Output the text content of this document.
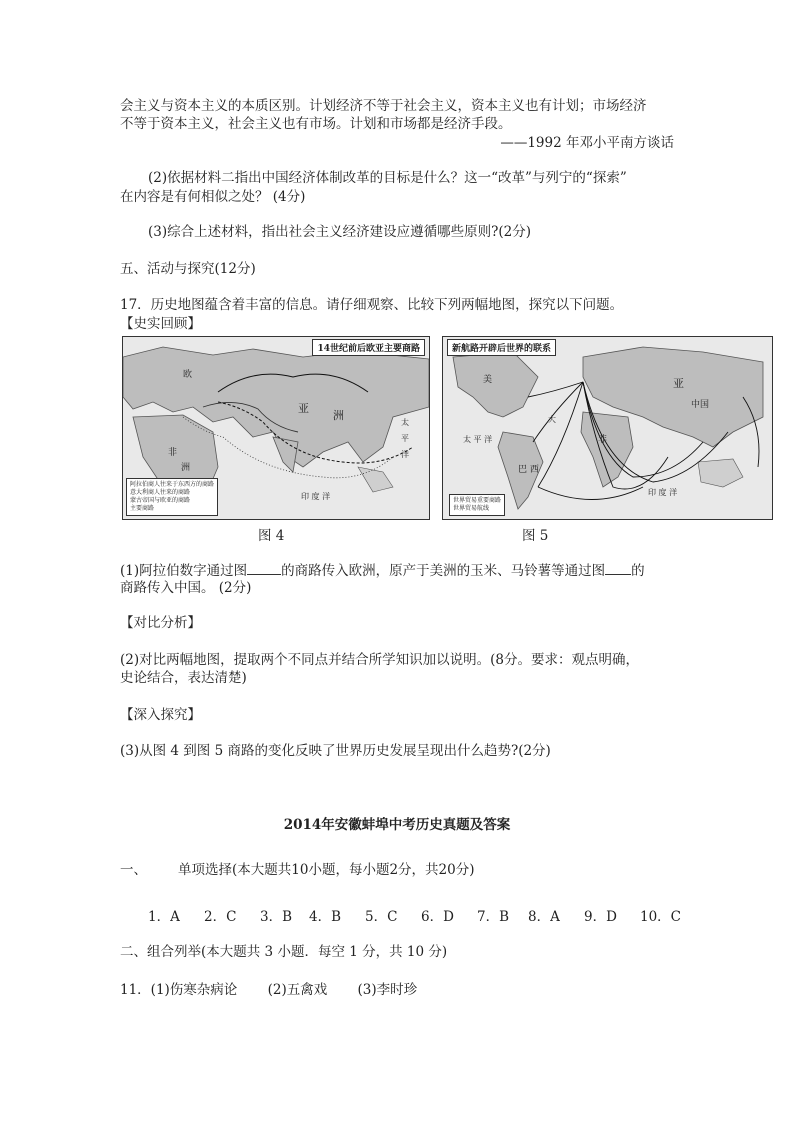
会主义与资本主义的本质区别。计划经济不等于社会主义，资本主义也有计划；市场经济
不等于资本主义，社会主义也有市场。计划和市场都是经济手段。
——1992 年邓小平南方谈话
(2)依据材料二指出中国经济体制改革的目标是什么？这一“改革”与列宁的“探索”
在内容是有何相似之处？ (4分)
(3)综合上述材料，指出社会主义经济建设应遵循哪些原则?(2分)
五、活动与探究(12分)
17．历史地图蕴含着丰富的信息。请仔细观察、比较下列两幅地图，探究以下问题。
【史实回顾】
欧
亚
洲
非
洲
印 度 洋
太
平
洋
14世纪前后欧亚主要商路
阿拉伯商人往来于东西方的商路
意大利商人往来的商路
蒙古帝国与欧亚的商路
主要商路
美
巴 西
亚
中国
非
印 度 洋
太 平 洋
大
新航路开辟后世界的联系
世界贸易重要商路
世界贸易航线
图 4	图 5
(1)阿拉伯数字通过图	的商路传入欧洲，原产于美洲的玉米、马铃薯等通过图 的
商路传入中国。 (2分)
【对比分析】
(2)对比两幅地图，提取两个不同点并结合所学知识加以说明。(8分。要求：观点明确，
史论结合，表达清楚)
【深入探究】
(3)从图 4 到图 5 商路的变化反映了世界历史发展呈现出什么趋势?(2分)
2014年安徽蚌埠中考历史真题及答案
一、 单项选择(本大题共10小题，每小题2分，共20分)
1．A 2．C 3．B 4．B 5．C 6．D 7．B 8．A 9．D 10．C
二、组合列举(本大题共 3 小题．每空 1 分，共 10 分)
11．(1)伤寒杂病论 (2)五禽戏 (3)李时珍
